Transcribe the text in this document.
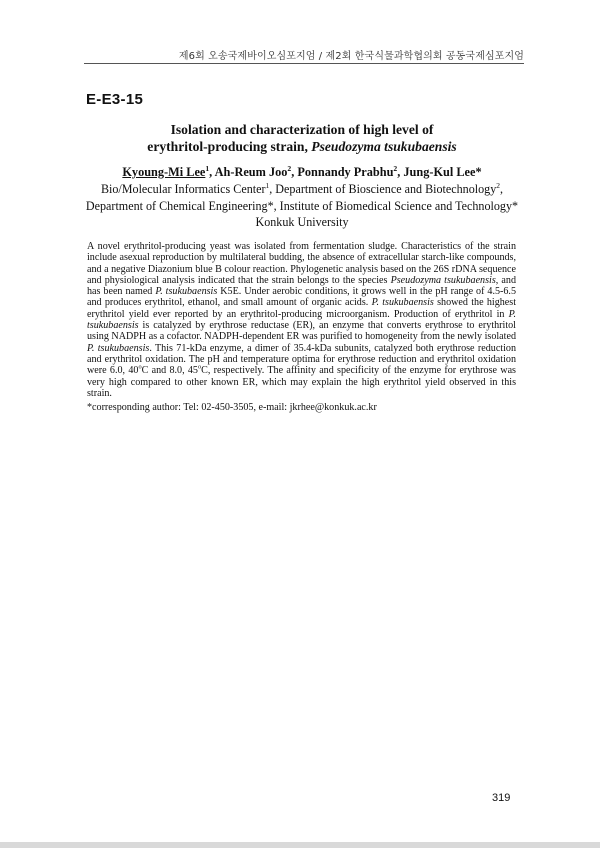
제6회 오송국제바이오심포지엄 / 제2회 한국식물과학협의회 공동국제심포지엄
E-E3-15
Isolation and characterization of high level of
erythritol-producing strain, Pseudozyma tsukubaensis
Kyoung-Mi Lee$^1$, Ah-Reum Joo$^2$, Ponnandy Prabhu$^2$, Jung-Kul Lee*
Bio/Molecular Informatics Center$^1$, Department of Bioscience and Biotechnology$^2$,
Department of Chemical Engineering*, Institute of Biomedical Science and Technology*
Konkuk University

A novel erythritol-producing yeast was isolated from fermentation sludge. Characteristics of the strain include asexual reproduction by multilateral budding, the absence of extracellular starch-like compounds, and a negative Diazonium blue B colour reaction. Phylogenetic analysis based on the 26S rDNA sequence and physiological analysis indicated that the strain belongs to the species Pseudozyma tsukubaensis, and has been named P. tsukubaensis K5E. Under aerobic conditions, it grows well in the pH range of 4.5-6.5 and produces erythritol, ethanol, and small amount of organic acids. P. tsukubaensis showed the highest erythritol yield ever reported by an erythritol-producing microorganism. Production of erythritol in P. tsukubaensis is catalyzed by erythrose reductase (ER), an enzyme that converts erythrose to erythritol using NADPH as a cofactor. NADPH-dependent ER was purified to homogeneity from the newly isolated P. tsukubaensis. This 71-kDa enzyme, a dimer of 35.4-kDa subunits, catalyzed both erythrose reduction and erythritol oxidation. The pH and temperature optima for erythrose reduction and erythritol oxidation were 6.0, 40$^o$C and 8.0, 45$^o$C, respectively. The affinity and specificity of the enzyme for erythrose was very high compared to other known ER, which may explain the high erythritol yield observed in this strain.

*corresponding author: Tel: 02-450-3505, e-mail: jkrhee@konkuk.ac.kr
319
